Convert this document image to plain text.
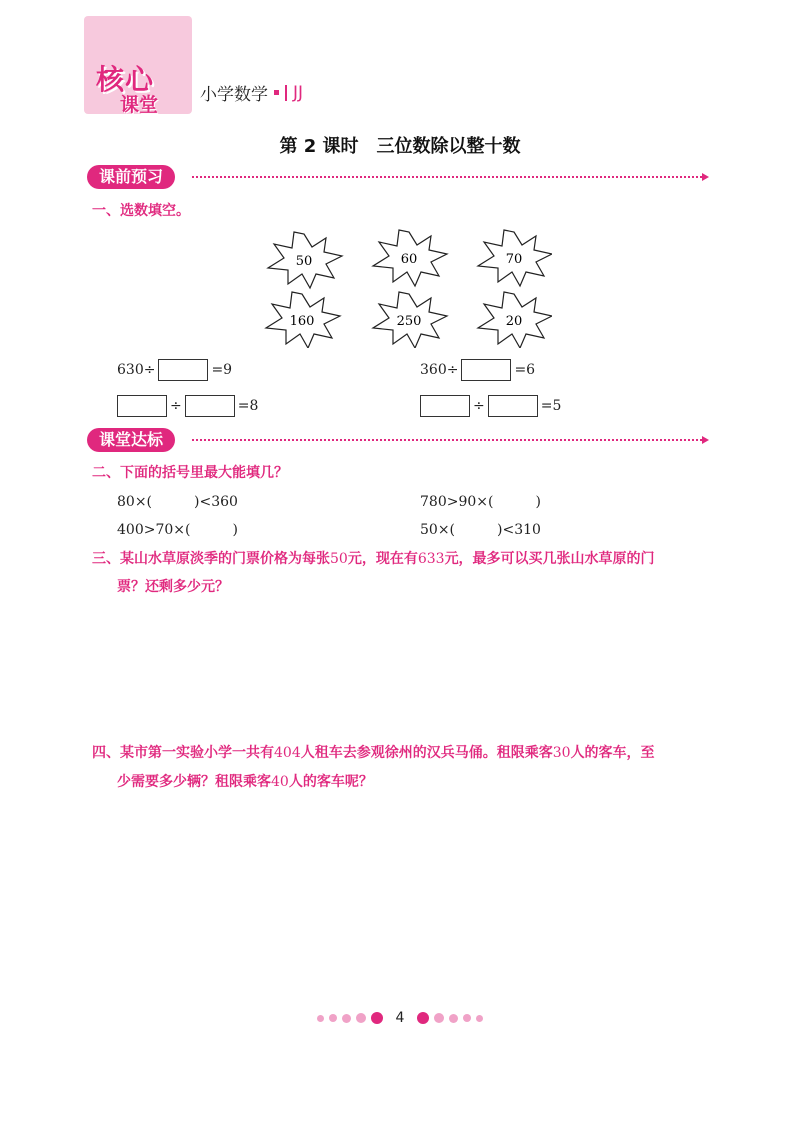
核心
课堂 小学数学 JJ
第 2 课时　三位数除以整十数
课前预习
一、选数填空。
50	60	70
160	250	20
630÷	=9	360÷	=6
÷	=8	÷	=5
课堂达标
二、下面的括号里最大能填几？
80×(　　　)<360	780>90×(　　　)
400>70×(　　　)	50×(　　　)<310
三、某山水草原淡季的门票价格为每张50元，现在有633元，最多可以买几张山水草原的门
票？还剩多少元？
四、某市第一实验小学一共有404人租车去参观徐州的汉兵马俑。租限乘客30人的客车，至
少需要多少辆？租限乘客40人的客车呢？
4
